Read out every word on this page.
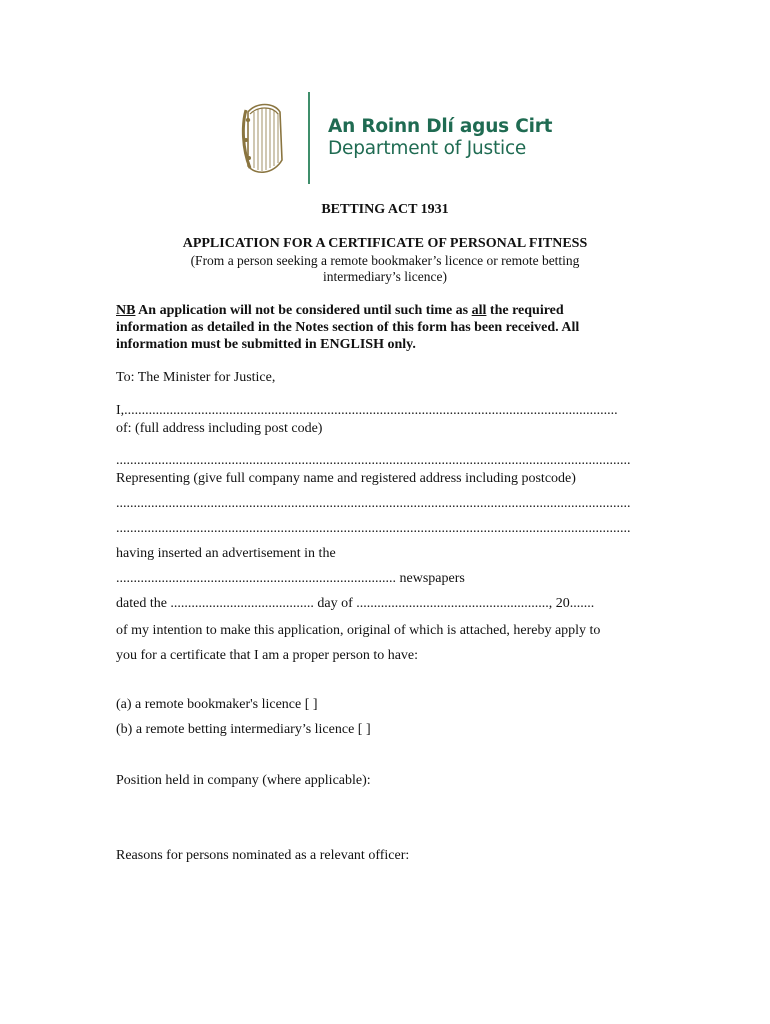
An Roinn Dlí agus Cirt
Department of Justice
BETTING ACT 1931
APPLICATION FOR A CERTIFICATE OF PERSONAL FITNESS
(From a person seeking a remote bookmaker’s licence or remote betting
intermediary’s licence)
NB An application will not be considered until such time as all the required
information as detailed in the Notes section of this form has been received. All
information must be submitted in ENGLISH only.
To: The Minister for Justice,
I,.............................................................................................................................................
of: (full address including post code)
...................................................................................................................................................
Representing (give full company name and registered address including postcode)
...................................................................................................................................................
...................................................................................................................................................
having inserted an advertisement in the
................................................................................ newspapers
dated the ......................................... day of ......................................................., 20.......
of my intention to make this application, original of which is attached, hereby apply to
you for a certificate that I am a proper person to have:
(a) a remote bookmaker's licence [ ]
(b) a remote betting intermediary’s licence [ ]
Position held in company (where applicable):
Reasons for persons nominated as a relevant officer:
